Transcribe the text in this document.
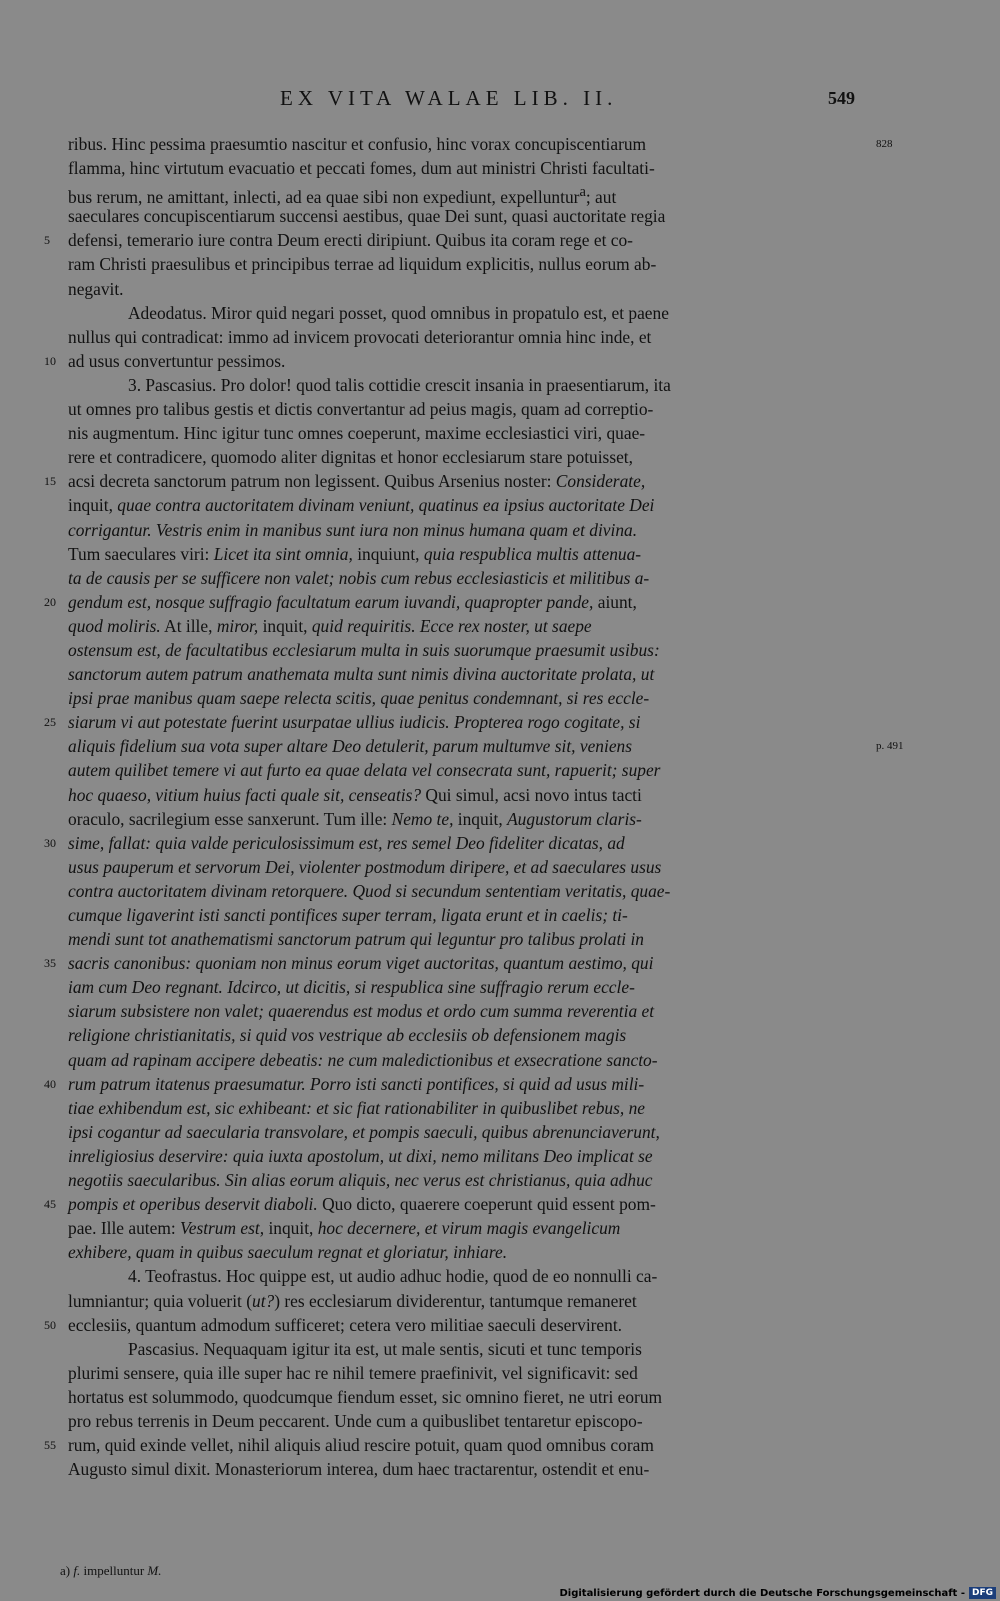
EX VITA WALAE LIB. II.	549
ribus. Hinc pessima praesumtio nascitur et confusio, hinc vorax concupiscentiarum	828
flamma, hinc virtutum evacuatio et peccati fomes, dum aut ministri Christi facultati-
bus rerum, ne amittant, inlecti, ad ea quae sibi non expediunt, expelluntur$^a$; aut
saeculares concupiscentiarum succensi aestibus, quae Dei sunt, quasi auctoritate regia
5 defensi, temerario iure contra Deum erecti diripiunt. Quibus ita coram rege et co-
ram Christi praesulibus et principibus terrae ad liquidum explicitis, nullus eorum ab-
negavit.
Adeodatus. Miror quid negari posset, quod omnibus in propatulo est, et paene
nullus qui contradicat: immo ad invicem provocati deteriorantur omnia hinc inde, et
10 ad usus convertuntur pessimos.
3. Pascasius. Pro dolor! quod talis cottidie crescit insania in praesentiarum, ita
ut omnes pro talibus gestis et dictis convertantur ad peius magis, quam ad correptio-
nis augmentum. Hinc igitur tunc omnes coeperunt, maxime ecclesiastici viri, quae-
rere et contradicere, quomodo aliter dignitas et honor ecclesiarum stare potuisset,
15 acsi decreta sanctorum patrum non legissent. Quibus Arsenius noster: Considerate,
inquit, quae contra auctoritatem divinam veniunt, quatinus ea ipsius auctoritate Dei
corrigantur. Vestris enim in manibus sunt iura non minus humana quam et divina.
Tum saeculares viri: Licet ita sint omnia, inquiunt, quia respublica multis attenua-
ta de causis per se sufficere non valet; nobis cum rebus ecclesiasticis et militibus a-
20 gendum est, nosque suffragio facultatum earum iuvandi, quapropter pande, aiunt,
quod moliris. At ille, miror, inquit, quid requiritis. Ecce rex noster, ut saepe
ostensum est, de facultatibus ecclesiarum multa in suis suorumque praesumit usibus:
sanctorum autem patrum anathemata multa sunt nimis divina auctoritate prolata, ut
ipsi prae manibus quam saepe relecta scitis, quae penitus condemnant, si res eccle-
25 siarum vi aut potestate fuerint usurpatae ullius iudicis. Propterea rogo cogitate, si
aliquis fidelium sua vota super altare Deo detulerit, parum multumve sit, veniens	p. 491
autem quilibet temere vi aut furto ea quae delata vel consecrata sunt, rapuerit; super
hoc quaeso, vitium huius facti quale sit, censeatis? Qui simul, acsi novo intus tacti
oraculo, sacrilegium esse sanxerunt. Tum ille: Nemo te, inquit, Augustorum claris-
30 sime, fallat: quia valde periculosissimum est, res semel Deo fideliter dicatas, ad
usus pauperum et servorum Dei, violenter postmodum diripere, et ad saeculares usus
contra auctoritatem divinam retorquere. Quod si secundum sententiam veritatis, quae-
cumque ligaverint isti sancti pontifices super terram, ligata erunt et in caelis; ti-
mendi sunt tot anathematismi sanctorum patrum qui leguntur pro talibus prolati in
35 sacris canonibus: quoniam non minus eorum viget auctoritas, quantum aestimo, qui
iam cum Deo regnant. Idcirco, ut dicitis, si respublica sine suffragio rerum eccle-
siarum subsistere non valet; quaerendus est modus et ordo cum summa reverentia et
religione christianitatis, si quid vos vestrique ab ecclesiis ob defensionem magis
quam ad rapinam accipere debeatis: ne cum maledictionibus et exsecratione sancto-
40 rum patrum itatenus praesumatur. Porro isti sancti pontifices, si quid ad usus mili-
tiae exhibendum est, sic exhibeant: et sic fiat rationabiliter in quibuslibet rebus, ne
ipsi cogantur ad saecularia transvolare, et pompis saeculi, quibus abrenunciaverunt,
inreligiosius deservire: quia iuxta apostolum, ut dixi, nemo militans Deo implicat se
negotiis saecularibus. Sin alias eorum aliquis, nec verus est christianus, quia adhuc
45 pompis et operibus deservit diaboli. Quo dicto, quaerere coeperunt quid essent pom-
pae. Ille autem: Vestrum est, inquit, hoc decernere, et virum magis evangelicum
exhibere, quam in quibus saeculum regnat et gloriatur, inhiare.
4. Teofrastus. Hoc quippe est, ut audio adhuc hodie, quod de eo nonnulli ca-
lumniantur; quia voluerit (ut?) res ecclesiarum dividerentur, tantumque remaneret
50 ecclesiis, quantum admodum sufficeret; cetera vero militiae saeculi deservirent.
Pascasius. Nequaquam igitur ita est, ut male sentis, sicuti et tunc temporis
plurimi sensere, quia ille super hac re nihil temere praefinivit, vel significavit: sed
hortatus est solummodo, quodcumque fiendum esset, sic omnino fieret, ne utri eorum
pro rebus terrenis in Deum peccarent. Unde cum a quibuslibet tentaretur episcopo-
55 rum, quid exinde vellet, nihil aliquis aliud rescire potuit, quam quod omnibus coram
Augusto simul dixit. Monasteriorum interea, dum haec tractarentur, ostendit et enu-
a) f. impelluntur M.
Digitalisierung gefördert durch die Deutsche Forschungsgemeinschaft - DFG
